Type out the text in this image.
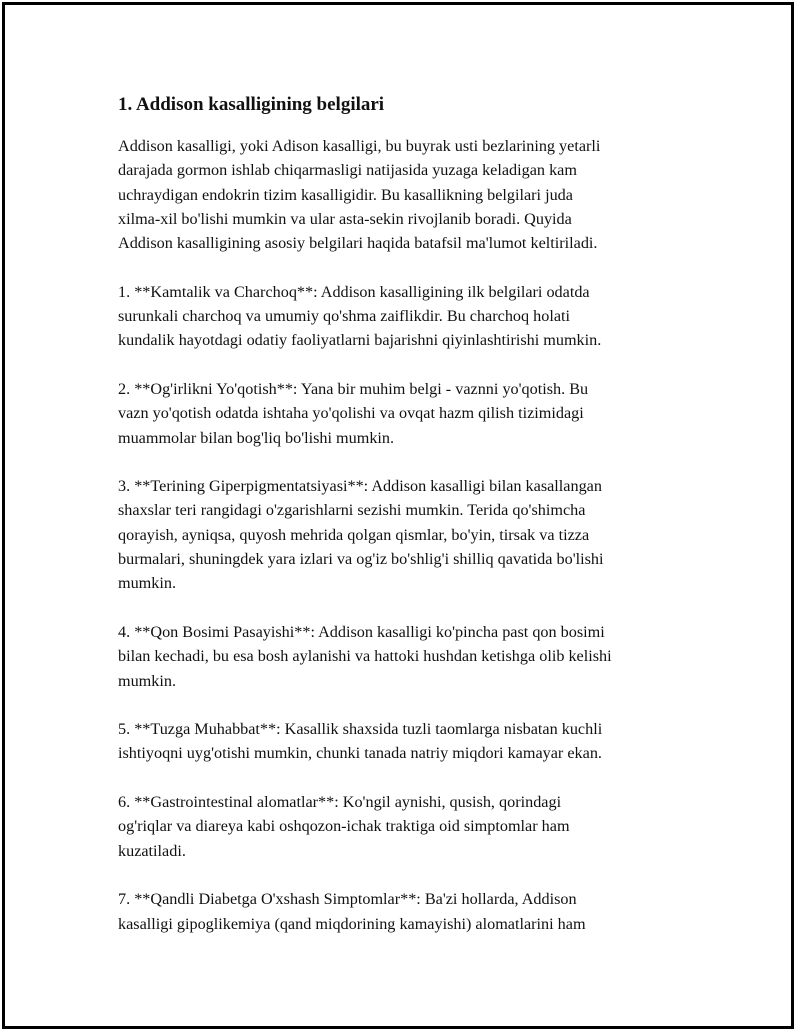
1. Addison kasalligining belgilari

Addison kasalligi, yoki Adison kasalligi, bu buyrak usti bezlarining yetarli
darajada gormon ishlab chiqarmasligi natijasida yuzaga keladigan kam
uchraydigan endokrin tizim kasalligidir. Bu kasallikning belgilari juda
xilma-xil bo'lishi mumkin va ular asta-sekin rivojlanib boradi. Quyida
Addison kasalligining asosiy belgilari haqida batafsil ma'lumot keltiriladi.

1. **Kamtalik va Charchoq**: Addison kasalligining ilk belgilari odatda
surunkali charchoq va umumiy qo'shma zaiflikdir. Bu charchoq holati
kundalik hayotdagi odatiy faoliyatlarni bajarishni qiyinlashtirishi mumkin.

2. **Og'irlikni Yo'qotish**: Yana bir muhim belgi - vaznni yo'qotish. Bu
vazn yo'qotish odatda ishtaha yo'qolishi va ovqat hazm qilish tizimidagi
muammolar bilan bog'liq bo'lishi mumkin.

3. **Terining Giperpigmentatsiyasi**: Addison kasalligi bilan kasallangan
shaxslar teri rangidagi o'zgarishlarni sezishi mumkin. Terida qo'shimcha
qorayish, ayniqsa, quyosh mehrida qolgan qismlar, bo'yin, tirsak va tizza
burmalari, shuningdek yara izlari va og'iz bo'shlig'i shilliq qavatida bo'lishi
mumkin.

4. **Qon Bosimi Pasayishi**: Addison kasalligi ko'pincha past qon bosimi
bilan kechadi, bu esa bosh aylanishi va hattoki hushdan ketishga olib kelishi
mumkin.

5. **Tuzga Muhabbat**: Kasallik shaxsida tuzli taomlarga nisbatan kuchli
ishtiyoqni uyg'otishi mumkin, chunki tanada natriy miqdori kamayar ekan.

6. **Gastrointestinal alomatlar**: Ko'ngil aynishi, qusish, qorindagi
og'riqlar va diareya kabi oshqozon-ichak traktiga oid simptomlar ham
kuzatiladi.

7. **Qandli Diabetga O'xshash Simptomlar**: Ba'zi hollarda, Addison
kasalligi gipoglikemiya (qand miqdorining kamayishi) alomatlarini ham
